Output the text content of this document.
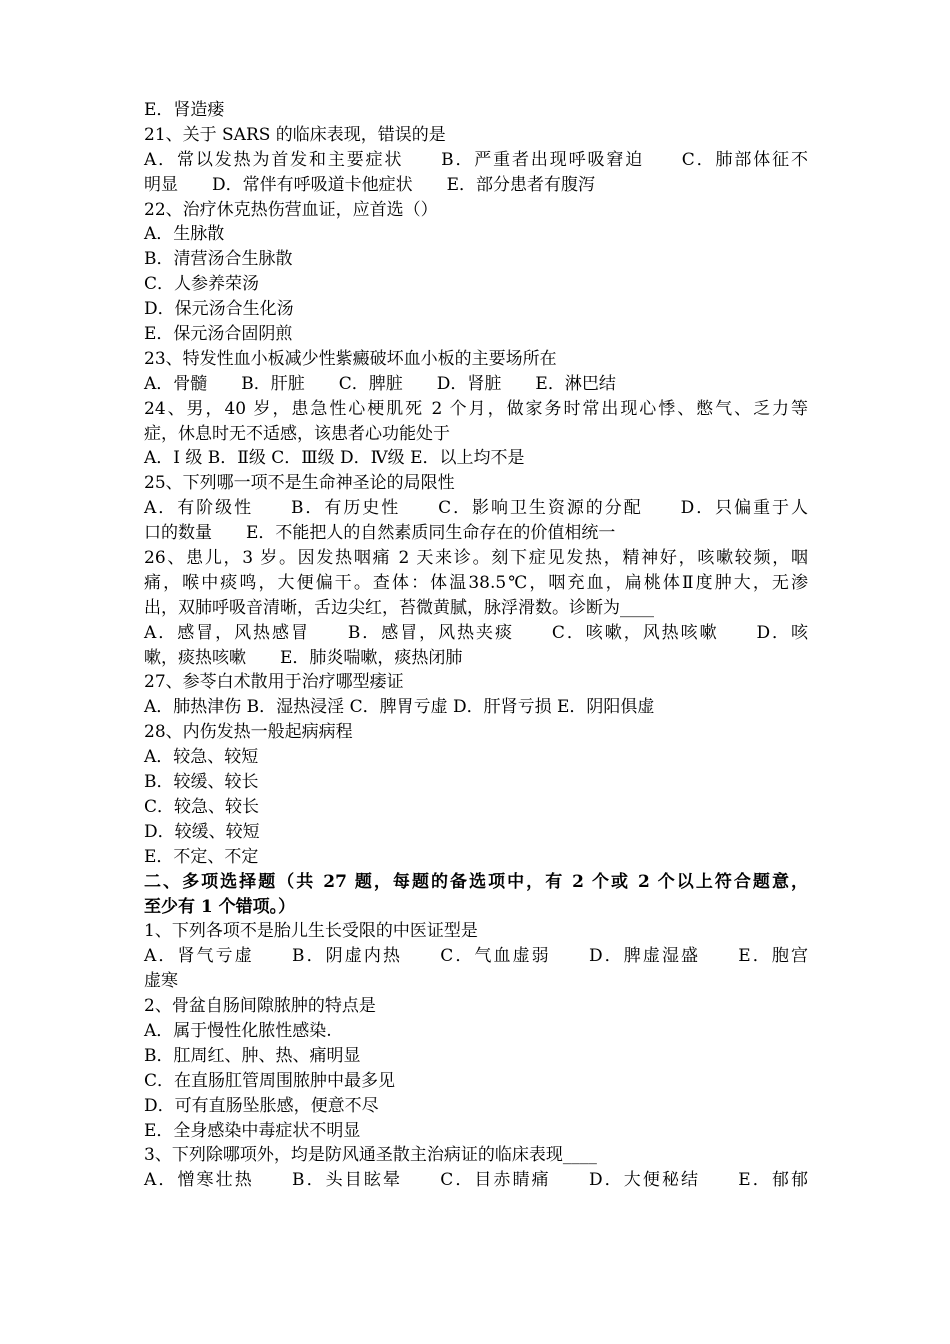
E．肾造瘘
21、关于 SARS 的临床表现，错误的是
A．常以发热为首发和主要症状　　B．严重者出现呼吸窘迫　　C．肺部体征不
明显　　D．常伴有呼吸道卡他症状　　E．部分患者有腹泻
22、治疗休克热伤营血证，应首选（）
A．生脉散
B．清营汤合生脉散
C．人参养荣汤
D．保元汤合生化汤
E．保元汤合固阴煎
23、特发性血小板减少性紫癜破坏血小板的主要场所在
A．骨髓　　B．肝脏　　C．脾脏　　D．肾脏　　E．淋巴结
24、男，40 岁，患急性心梗肌死 2 个月，做家务时常出现心悸、憋气、乏力等
症，休息时无不适感，该患者心功能处于
A．I 级 B．Ⅱ级 C．Ⅲ级 D．Ⅳ级 E．以上均不是
25、下列哪一项不是生命神圣论的局限性
A．有阶级性　　B．有历史性　　C．影响卫生资源的分配　　D．只偏重于人
口的数量　　E．不能把人的自然素质同生命存在的价值相统一
26、患儿，3 岁。因发热咽痛 2 天来诊。刻下症见发热，精神好，咳嗽较频，咽
痛，喉中痰鸣，大便偏干。查体：体温38.5℃，咽充血，扁桃体Ⅱ度肿大，无渗
出，双肺呼吸音清晰，舌边尖红，苔微黄腻，脉浮滑数。诊断为____
A．感冒，风热感冒　　B．感冒，风热夹痰　　C．咳嗽，风热咳嗽　　D．咳
嗽，痰热咳嗽　　E．肺炎喘嗽，痰热闭肺
27、参苓白术散用于治疗哪型痿证
A．肺热津伤 B．湿热浸淫 C．脾胃亏虚 D．肝肾亏损 E．阴阳俱虚
28、内伤发热一般起病病程
A．较急、较短
B．较缓、较长
C．较急、较长
D．较缓、较短
E．不定、不定
二、多项选择题（共 27 题，每题的备选项中，有 2 个或 2 个以上符合题意，
至少有 1 个错项。）
1、下列各项不是胎儿生长受限的中医证型是
A．肾气亏虚　　B．阴虚内热　　C．气血虚弱　　D．脾虚湿盛　　E．胞宫
虚寒
2、骨盆自肠间隙脓肿的特点是
A．属于慢性化脓性感染.
B．肛周红、肿、热、痛明显
C．在直肠肛管周围脓肿中最多见
D．可有直肠坠胀感，便意不尽
E．全身感染中毒症状不明显
3、下列除哪项外，均是防风通圣散主治病证的临床表现____
A．憎寒壮热　　B．头目眩晕　　C．目赤睛痛　　D．大便秘结　　E．郁郁
